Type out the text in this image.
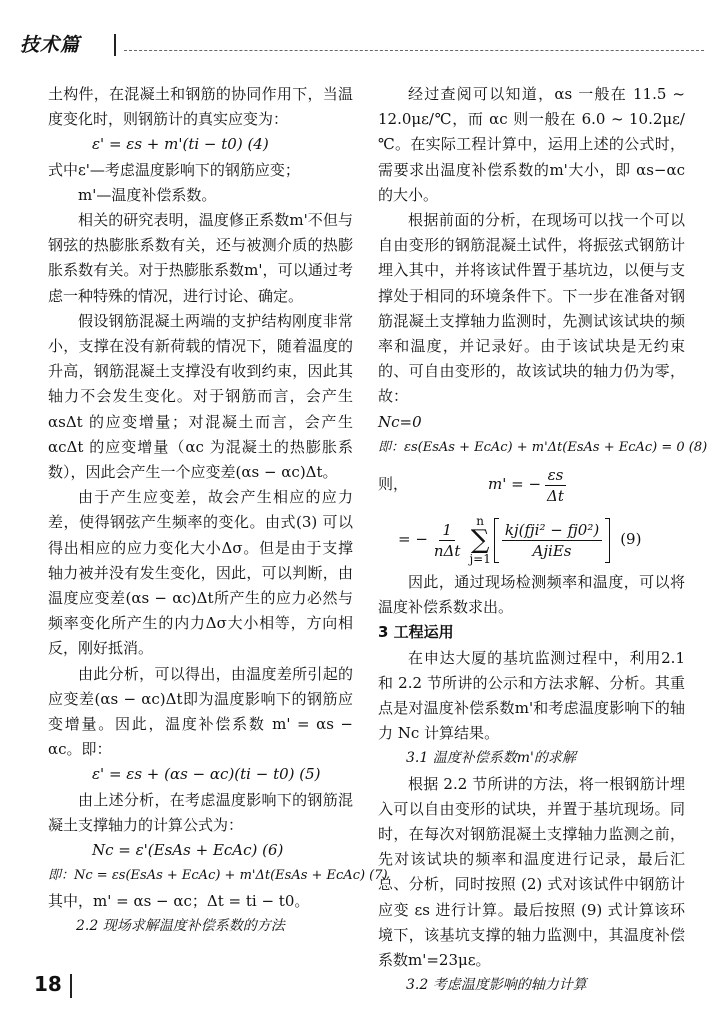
技术篇

土构件，在混凝土和钢筋的协同作用下，当温度变化时，则钢筋计的真实应变为：

ε' = εs + m'(ti − t0) (4)

式中ε'—考虑温度影响下的钢筋应变；

m'—温度补偿系数。

相关的研究表明，温度修正系数m'不但与钢弦的热膨胀系数有关，还与被测介质的热膨胀系数有关。对于热膨胀系数m'，可以通过考虑一种特殊的情况，进行讨论、确定。

假设钢筋混凝土两端的支护结构刚度非常小，支撑在没有新荷载的情况下，随着温度的升高，钢筋混凝土支撑没有收到约束，因此其轴力不会发生变化。对于钢筋而言，会产生 αsΔt 的应变增量；对混凝土而言，会产生 αcΔt 的应变增量（αc 为混凝土的热膨胀系数），因此会产生一个应变差(αs − αc)Δt。

由于产生应变差，故会产生相应的应力差，使得钢弦产生频率的变化。由式(3) 可以得出相应的应力变化大小Δσ。但是由于支撑轴力被并没有发生变化，因此，可以判断，由温度应变差(αs − αc)Δt所产生的应力必然与频率变化所产生的内力Δσ大小相等，方向相反，刚好抵消。

由此分析，可以得出，由温度差所引起的应变差(αs − αc)Δt即为温度影响下的钢筋应变增量。因此，温度补偿系数 m' = αs − αc。即：

ε' = εs + (αs − αc)(ti − t0) (5)

由上述分析，在考虑温度影响下的钢筋混凝土支撑轴力的计算公式为：

Nc = ε'(EsAs + EcAc) (6)

即：Nc = εs(EsAs + EcAc) + m'Δt(EsAs + EcAc) (7)

其中，m' = αs − αc；Δt = ti − t0。

2.2 现场求解温度补偿系数的方法

经过查阅可以知道，αs 一般在 11.5 ~ 12.0με/℃，而 αc 则一般在 6.0 ~ 10.2με/℃。在实际工程计算中，运用上述的公式时，需要求出温度补偿系数的m'大小，即 αs−αc 的大小。

根据前面的分析，在现场可以找一个可以自由变形的钢筋混凝土试件，将振弦式钢筋计埋入其中，并将该试件置于基坑边，以便与支撑处于相同的环境条件下。下一步在准备对钢筋混凝土支撑轴力监测时，先测试该试块的频率和温度，并记录好。由于该试块是无约束的、可自由变形的，故该试块的轴力仍为零，故：

Nc=0

即：εs(EsAs + EcAc) + m'Δt(EsAs + EcAc) = 0 (8)

则，	m' = − $\frac{\varepsilon s}{\Delta t}$
= −
1
nΔt
n
∑
j=1
kj(fji² − fj0²)
AjiEs
(9)

因此，通过现场检测频率和温度，可以将温度补偿系数求出。

3 工程运用

在申达大厦的基坑监测过程中，利用2.1 和 2.2 节所讲的公示和方法求解、分析。其重点是对温度补偿系数m'和考虑温度影响下的轴力 Nc 计算结果。

3.1 温度补偿系数m'的求解

根据 2.2 节所讲的方法，将一根钢筋计埋入可以自由变形的试块，并置于基坑现场。同时，在每次对钢筋混凝土支撑轴力监测之前，先对该试块的频率和温度进行记录，最后汇总、分析，同时按照 (2) 式对该试件中钢筋计应变 εs 进行计算。最后按照 (9) 式计算该环境下，该基坑支撑的轴力监测中，其温度补偿系数m'=23με。

3.2 考虑温度影响的轴力计算

18
